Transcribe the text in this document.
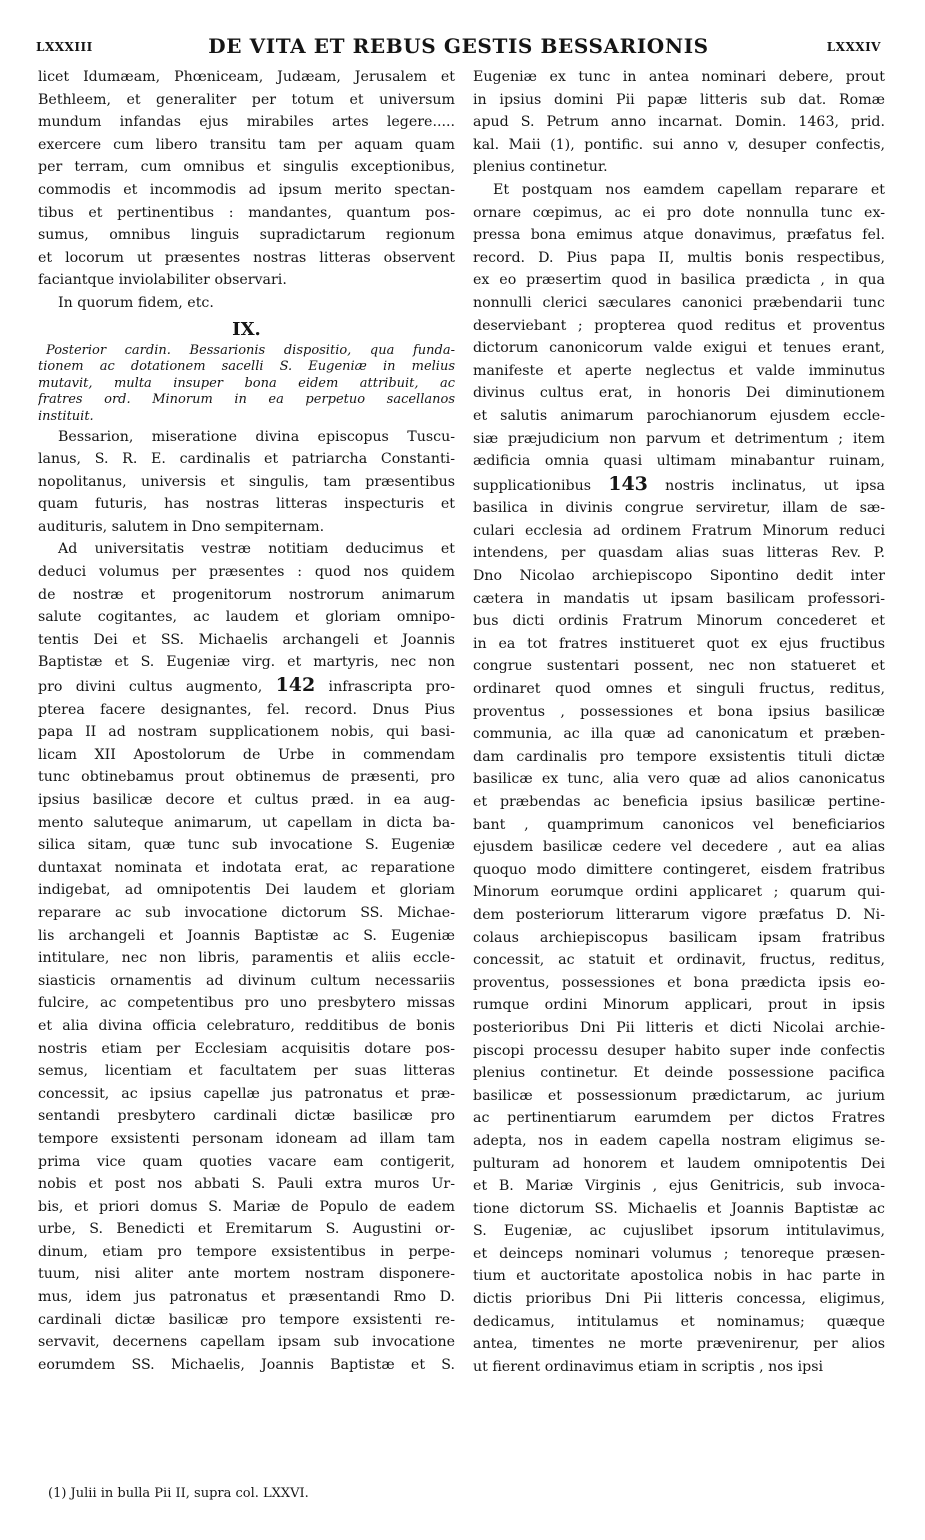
LXXXIII	DE VITA ET REBUS GESTIS BESSARIONIS	LXXXIV
licet Idumæam, Phœniceam, Judæam, Jerusalem et
Bethleem, et generaliter per totum et universum
mundum infandas ejus mirabiles artes legere.....
exercere cum libero transitu tam per aquam quam
per terram, cum omnibus et singulis exceptionibus,
commodis et incommodis ad ipsum merito spectan-
tibus et pertinentibus : mandantes, quantum pos-
sumus, omnibus linguis supradictarum regionum
et locorum ut præsentes nostras litteras observent
faciantque inviolabiliter observari.
In quorum fidem, etc.
IX.
Posterior cardin. Bessarionis dispositio, qua funda-
tionem ac dotationem sacelli S. Eugeniæ in melius
mutavit, multa insuper bona eidem attribuit, ac
fratres ord. Minorum in ea perpetuo sacellanos
instituit.
Bessarion, miseratione divina episcopus Tuscu-
lanus, S. R. E. cardinalis et patriarcha Constanti-
nopolitanus, universis et singulis, tam præsentibus
quam futuris, has nostras litteras inspecturis et
audituris, salutem in Dno sempiternam.
Ad universitatis vestræ notitiam deducimus et
deduci volumus per præsentes : quod nos quidem
de nostræ et progenitorum nostrorum animarum
salute cogitantes, ac laudem et gloriam omnipo-
tentis Dei et SS. Michaelis archangeli et Joannis
Baptistæ et S. Eugeniæ virg. et martyris, nec non
pro divini cultus augmento, 142 infrascripta pro-
pterea facere designantes, fel. record. Dnus Pius
papa II ad nostram supplicationem nobis, qui basi-
licam XII Apostolorum de Urbe in commendam
tunc obtinebamus prout obtinemus de præsenti, pro
ipsius basilicæ decore et cultus præd. in ea aug-
mento saluteque animarum, ut capellam in dicta ba-
silica sitam, quæ tunc sub invocatione S. Eugeniæ
duntaxat nominata et indotata erat, ac reparatione
indigebat, ad omnipotentis Dei laudem et gloriam
reparare ac sub invocatione dictorum SS. Michae-
lis archangeli et Joannis Baptistæ ac S. Eugeniæ
intitulare, nec non libris, paramentis et aliis eccle-
siasticis ornamentis ad divinum cultum necessariis
fulcire, ac competentibus pro uno presbytero missas
et alia divina officia celebraturo, redditibus de bonis
nostris etiam per Ecclesiam acquisitis dotare pos-
semus, licentiam et facultatem per suas litteras
concessit, ac ipsius capellæ jus patronatus et præ-
sentandi presbytero cardinali dictæ basilicæ pro
tempore exsistenti personam idoneam ad illam tam
prima vice quam quoties vacare eam contigerit,
nobis et post nos abbati S. Pauli extra muros Ur-
bis, et priori domus S. Mariæ de Populo de eadem
urbe, S. Benedicti et Eremitarum S. Augustini or-
dinum, etiam pro tempore exsistentibus in perpe-
tuum, nisi aliter ante mortem nostram disponere-
mus, idem jus patronatus et præsentandi Rmo D.
cardinali dictæ basilicæ pro tempore exsistenti re-
servavit, decernens capellam ipsam sub invocatione
eorumdem SS. Michaelis, Joannis Baptistæ et S.
Eugeniæ ex tunc in antea nominari debere, prout
in ipsius domini Pii papæ litteris sub dat. Romæ
apud S. Petrum anno incarnat. Domin. 1463, prid.
kal. Maii (1), pontific. sui anno v, desuper confectis,
plenius continetur.
Et postquam nos eamdem capellam reparare et
ornare cœpimus, ac ei pro dote nonnulla tunc ex-
pressa bona emimus atque donavimus, præfatus fel.
record. D. Pius papa II, multis bonis respectibus,
ex eo præsertim quod in basilica prædicta , in qua
nonnulli clerici sæculares canonici præbendarii tunc
deserviebant ; propterea quod reditus et proventus
dictorum canonicorum valde exigui et tenues erant,
manifeste et aperte neglectus et valde imminutus
divinus cultus erat, in honoris Dei diminutionem
et salutis animarum parochianorum ejusdem eccle-
siæ præjudicium non parvum et detrimentum ; item
ædificia omnia quasi ultimam minabantur ruinam,
supplicationibus 143 nostris inclinatus, ut ipsa
basilica in divinis congrue serviretur, illam de sæ-
culari ecclesia ad ordinem Fratrum Minorum reduci
intendens, per quasdam alias suas litteras Rev. P.
Dno Nicolao archiepiscopo Sipontino dedit inter
cætera in mandatis ut ipsam basilicam professori-
bus dicti ordinis Fratrum Minorum concederet et
in ea tot fratres institueret quot ex ejus fructibus
congrue sustentari possent, nec non statueret et
ordinaret quod omnes et singuli fructus, reditus,
proventus , possessiones et bona ipsius basilicæ
communia, ac illa quæ ad canonicatum et præben-
dam cardinalis pro tempore exsistentis tituli dictæ
basilicæ ex tunc, alia vero quæ ad alios canonicatus
et præbendas ac beneficia ipsius basilicæ pertine-
bant , quamprimum canonicos vel beneficiarios
ejusdem basilicæ cedere vel decedere , aut ea alias
quoquo modo dimittere contingeret, eisdem fratribus
Minorum eorumque ordini applicaret ; quarum qui-
dem posteriorum litterarum vigore præfatus D. Ni-
colaus archiepiscopus basilicam ipsam fratribus
concessit, ac statuit et ordinavit, fructus, reditus,
proventus, possessiones et bona prædicta ipsis eo-
rumque ordini Minorum applicari, prout in ipsis
posterioribus Dni Pii litteris et dicti Nicolai archie-
piscopi processu desuper habito super inde confectis
plenius continetur. Et deinde possessione pacifica
basilicæ et possessionum prædictarum, ac jurium
ac pertinentiarum earumdem per dictos Fratres
adepta, nos in eadem capella nostram eligimus se-
pulturam ad honorem et laudem omnipotentis Dei
et B. Mariæ Virginis , ejus Genitricis, sub invoca-
tione dictorum SS. Michaelis et Joannis Baptistæ ac
S. Eugeniæ, ac cujuslibet ipsorum intitulavimus,
et deinceps nominari volumus ; tenoreque præsen-
tium et auctoritate apostolica nobis in hac parte in
dictis prioribus Dni Pii litteris concessa, eligimus,
dedicamus, intitulamus et nominamus; quæque
antea, timentes ne morte prævenirenur, per alios
ut fierent ordinavimus etiam in scriptis , nos ipsi
(1) Julii in bulla Pii II, supra col. LXXVI.
